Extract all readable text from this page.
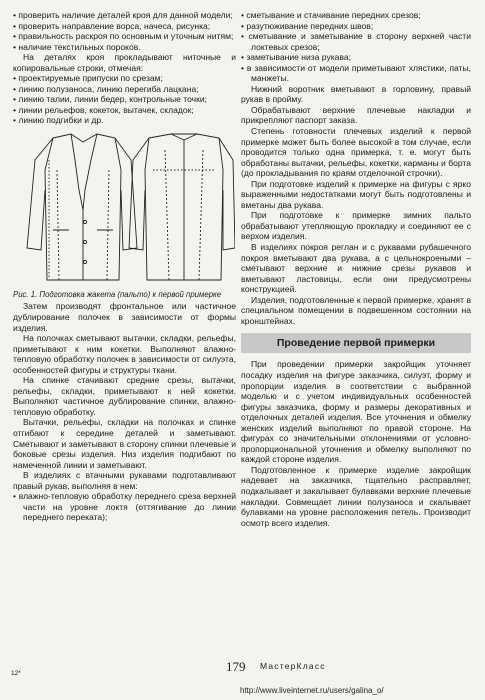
• проверить наличие деталей кроя для данной модели;

• проверить направление ворса, начеса, рисунка;

• правильность раскроя по основным и уточным нитям;

• наличие текстильных пороков.

На деталях кроя прокладывают ниточные и копировальные строки, отмечая:

• проектируемые припуски по срезам;

• линию полузаноса, линию перегиба лацкана;

• линию талии, линии бедер, контрольные точки;

• линии рельефов, кокеток, вытачек, складок;

• линию подгибки и др.

Рис. 1. Подготовка жакета (пальто) к первой примерке

Затем производят фронтальное или частичное дублирование полочек в зависимости от формы изделия.

На полочках сметывают вытачки, складки, рельефы, приметывают к ним кокетки. Выполняют влажно-тепловую обработку полочек в зависимости от силуэта, особенностей фигуры и структуры ткани.

На спинке стачивают средние срезы, вытачки, рельефы, складки, приметывают к ней кокетки. Выполняют частичное дублирование спинки, влажно-тепловую обработку.

Вытачки, рельефы, складки на полочках и спинке отгибают к середине деталей и заметывают. Сметывают и заметывают в сторону спинки плечевые и боковые срезы изделия. Низ изделия подгибают по намеченной линии и заметывают.

В изделиях с втачными рукавами подготавливают правый рукав, выполняя в нем:

• влажно-тепловую обработку переднего среза верхней части на уровне локтя (оттягивание до линии переднего переката);

• сметывание и стачивание передних срезов;

• разутюживание передних швов;

• сметывание и заметывание в сторону верхней части локтевых срезов;

• заметывание низа рукава;

• в зависимости от модели приметывают хлястики, паты, манжеты.

Нижний воротник вметывают в горловину, правый рукав в пройму.

Обрабатывают верхние плечевые накладки и прикрепляют паспорт заказа.

Степень готовности плечевых изделий к первой примерке может быть более высокой в том случае, если проводится только одна примерка, т. е. могут быть обработаны вытачки, рельефы, кокетки, карманы и борта (до прокладывания по краям отделочной строчки).

При подготовке изделий к примерке на фигуры с ярко выраженными недостатками могут быть подготовлены и вметаны два рукава.

При подготовке к примерке зимних пальто обрабатывают утепляющую прокладку и соединяют ее с верхом изделия.

В изделиях покроя реглан и с рукавами рубашечного покроя вметывают два рукава, а с цельнокроеными – сметывают верхние и нижние срезы рукавов и вметывают ластовицы, если они предусмотрены конструкцией.

Изделия, подготовленные к первой примерке, хранят в специальном помещении в подвешенном состоянии на кронштейнах.

Проведение первой примерки

При проведении примерки закройщик уточняет посадку изделия на фигуре заказчика, силуэт, форму и пропорции изделия в соответствии с выбранной моделью и с учетом индивидуальных особенностей фигуры заказчика, форму и размеры декоративных и отделочных деталей изделия. Все уточнения и обмелку женских изделий выполняют по правой стороне. На фигурах со значительными отклонениями от условно-пропорциональной уточнения и обмелку выполняют по каждой стороне изделия.

Подготовленное к примерке изделие закройщик надевает на заказчика, тщательно расправляет, подкалывает и закалывает булавками верхние плечевые накладки. Совмещает линии полузаноса и скалывает булавками на уровне расположения петель. Производит осмотр всего изделия.

12*	179 МастерКласс
http://www.liveinternet.ru/users/galina_o/
